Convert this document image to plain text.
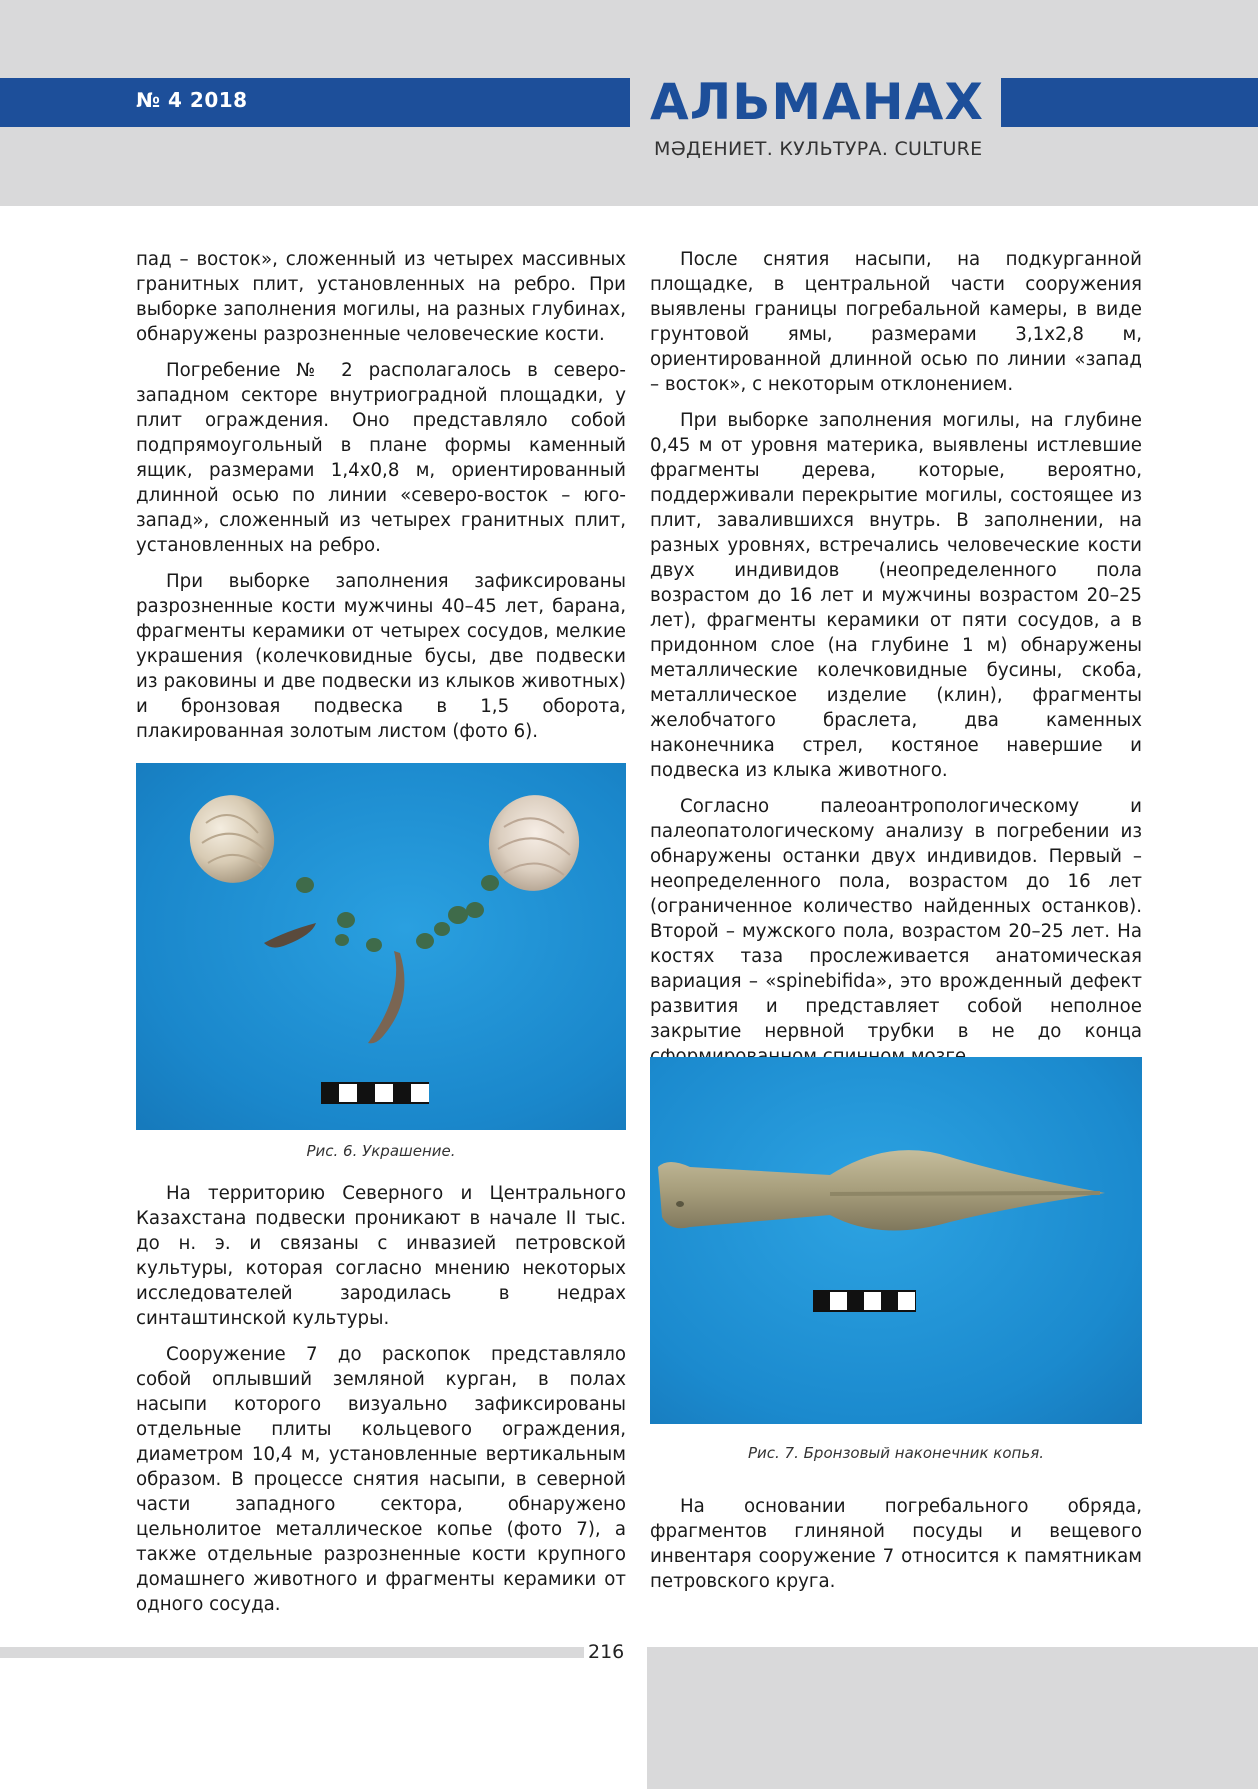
№ 4 2018	АЛЬМАНАХ
МӘДЕНИЕТ. КУЛЬТУРА. CULTURE

пад – восток», сложенный из четырех массивных гранитных плит, установленных на ребро. При выборке заполнения могилы, на разных глубинах, обнаружены разрозненные человеческие кости.

Погребение № 2 располагалось в северо-западном секторе внутриоградной площадки, у плит ограждения. Оно представляло собой подпрямоугольный в плане формы каменный ящик, размерами 1,4х0,8 м, ориентированный длинной осью по линии «северо-восток – юго-запад», сложенный из четырех гранитных плит, установленных на ребро.

При выборке заполнения зафиксированы разрозненные кости мужчины 40–45 лет, барана, фрагменты керамики от четырех сосудов, мелкие украшения (колечковидные бусы, две подвески из раковины и две подвески из клыков животных) и бронзовая подвеска в 1,5 оборота, плакированная золотым листом (фото 6).

Рис. 6. Украшение.

На территорию Северного и Центрального Казахстана подвески проникают в начале II тыс. до н. э. и связаны с инвазией петровской культуры, которая согласно мнению некоторых исследователей зародилась в недрах синташтинской культуры.

Сооружение 7 до раскопок представляло собой оплывший земляной курган, в полах насыпи которого визуально зафиксированы отдельные плиты кольцевого ограждения, диаметром 10,4 м, установленные вертикальным образом. В процессе снятия насыпи, в северной части западного сектора, обнаружено цельнолитое металлическое копье (фото 7), а также отдельные разрозненные кости крупного домашнего животного и фрагменты керамики от одного сосуда.

После снятия насыпи, на подкурганной площадке, в центральной части сооружения выявлены границы погребальной камеры, в виде грунтовой ямы, размерами 3,1х2,8 м, ориентированной длинной осью по линии «запад – восток», с некоторым отклонением.

При выборке заполнения могилы, на глубине 0,45 м от уровня материка, выявлены истлевшие фрагменты дерева, которые, вероятно, поддерживали перекрытие могилы, состоящее из плит, завалившихся внутрь. В заполнении, на разных уровнях, встречались человеческие кости двух индивидов (неопределенного пола возрастом до 16 лет и мужчины возрастом 20–25 лет), фрагменты керамики от пяти сосудов, а в придонном слое (на глубине 1 м) обнаружены металлические колечковидные бусины, скоба, металлическое изделие (клин), фрагменты желобчатого браслета, два каменных наконечника стрел, костяное навершие и подвеска из клыка животного.

Согласно палеоантропологическому и палеопатологическому анализу в погребении из обнаружены останки двух индивидов. Первый – неопределенного пола, возрастом до 16 лет (ограниченное количество найденных останков). Второй – мужского пола, возрастом 20–25 лет. На костях таза прослеживается анатомическая вариация – «spinebifida», это врожденный дефект развития и представляет собой неполное закрытие нервной трубки в не до конца

Рис. 7. Бронзовый наконечник копья.

На основании погребального обряда, фрагментов глиняной посуды и вещевого инвентаря сооружение 7 относится к памятникам петровского круга.

216
